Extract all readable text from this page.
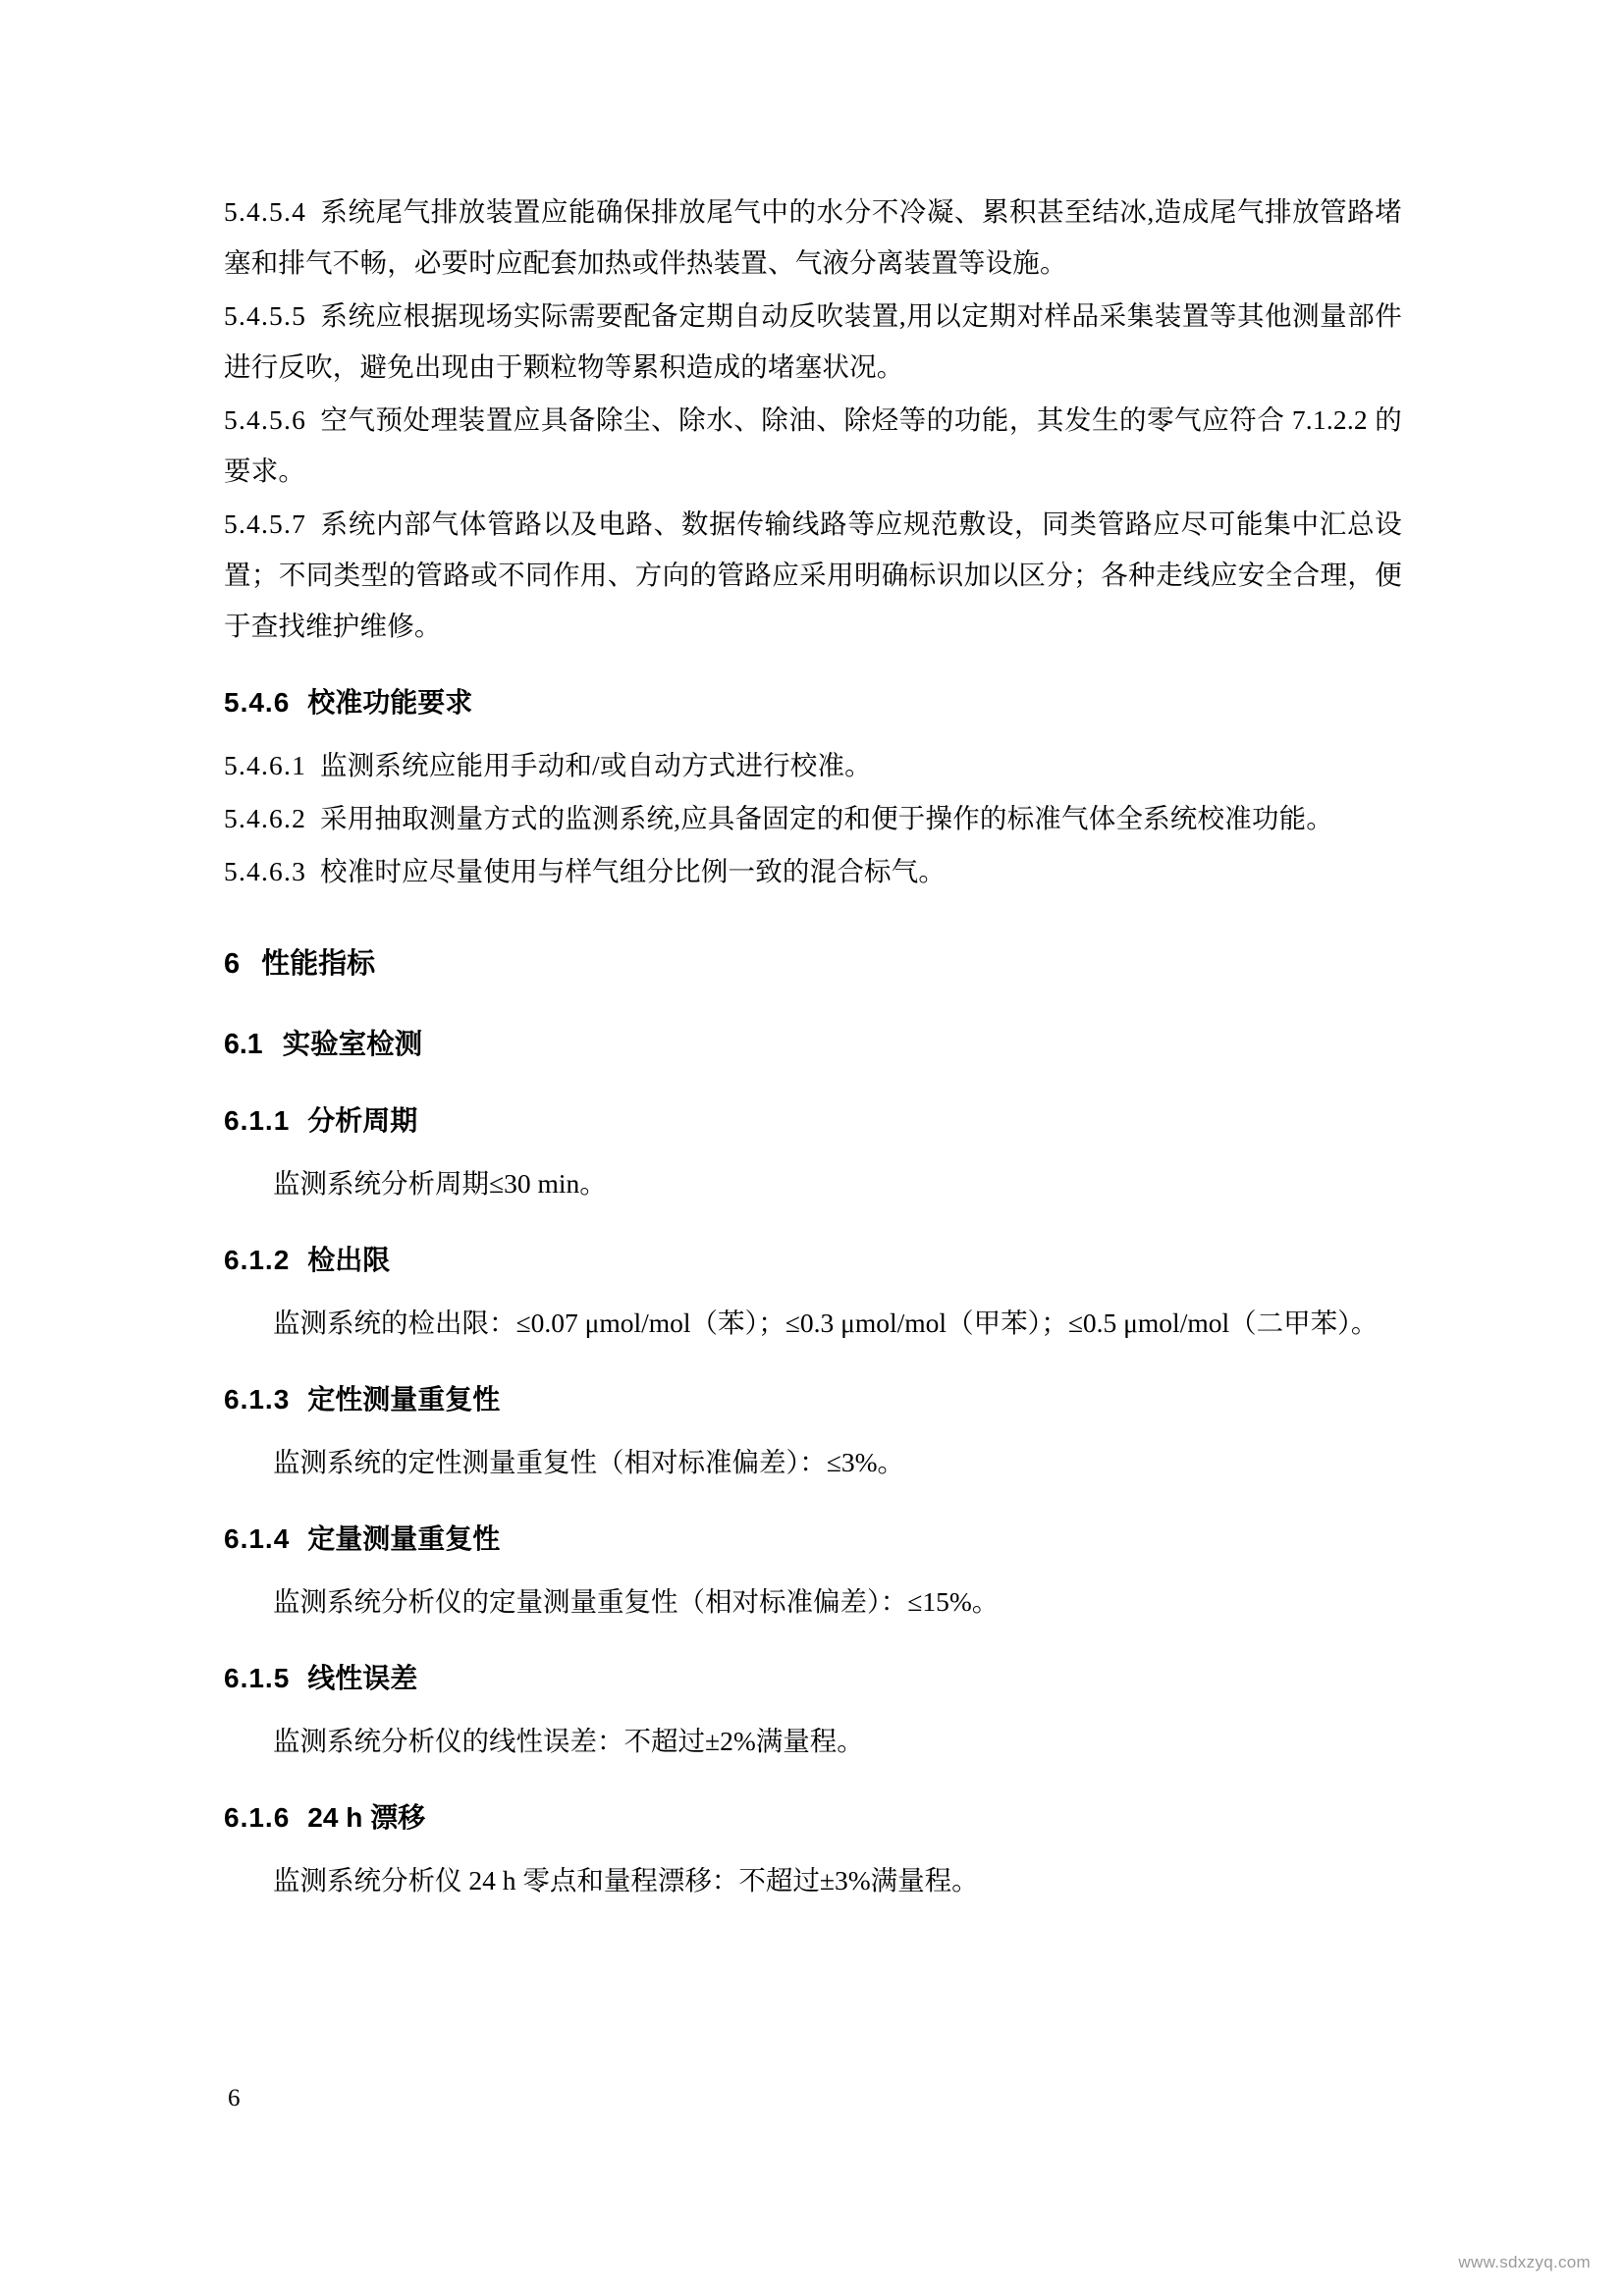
5.4.5.4 系统尾气排放装置应能确保排放尾气中的水分不冷凝、累积甚至结冰,造成尾气排放管路堵塞和排气不畅，必要时应配套加热或伴热装置、气液分离装置等设施。

5.4.5.5 系统应根据现场实际需要配备定期自动反吹装置,用以定期对样品采集装置等其他测量部件进行反吹，避免出现由于颗粒物等累积造成的堵塞状况。

5.4.5.6 空气预处理装置应具备除尘、除水、除油、除烃等的功能，其发生的零气应符合 7.1.2.2 的要求。

5.4.5.7 系统内部气体管路以及电路、数据传输线路等应规范敷设，同类管路应尽可能集中汇总设置；不同类型的管路或不同作用、方向的管路应采用明确标识加以区分；各种走线应安全合理，便于查找维护维修。

5.4.6 校准功能要求

5.4.6.1 监测系统应能用手动和/或自动方式进行校准。

5.4.6.2 采用抽取测量方式的监测系统,应具备固定的和便于操作的标准气体全系统校准功能。

5.4.6.3 校准时应尽量使用与样气组分比例一致的混合标气。

6 性能指标
6.1 实验室检测
6.1.1 分析周期

监测系统分析周期≤30 min。

6.1.2 检出限

监测系统的检出限：≤0.07 μmol/mol（苯）；≤0.3 μmol/mol（甲苯）；≤0.5 μmol/mol（二甲苯）。

6.1.3 定性测量重复性

监测系统的定性测量重复性（相对标准偏差）：≤3%。

6.1.4 定量测量重复性

监测系统分析仪的定量测量重复性（相对标准偏差）：≤15%。

6.1.5 线性误差

监测系统分析仪的线性误差：不超过±2%满量程。

6.1.6 24 h 漂移

监测系统分析仪 24 h 零点和量程漂移：不超过±3%满量程。

6
www.sdxzyq.com
